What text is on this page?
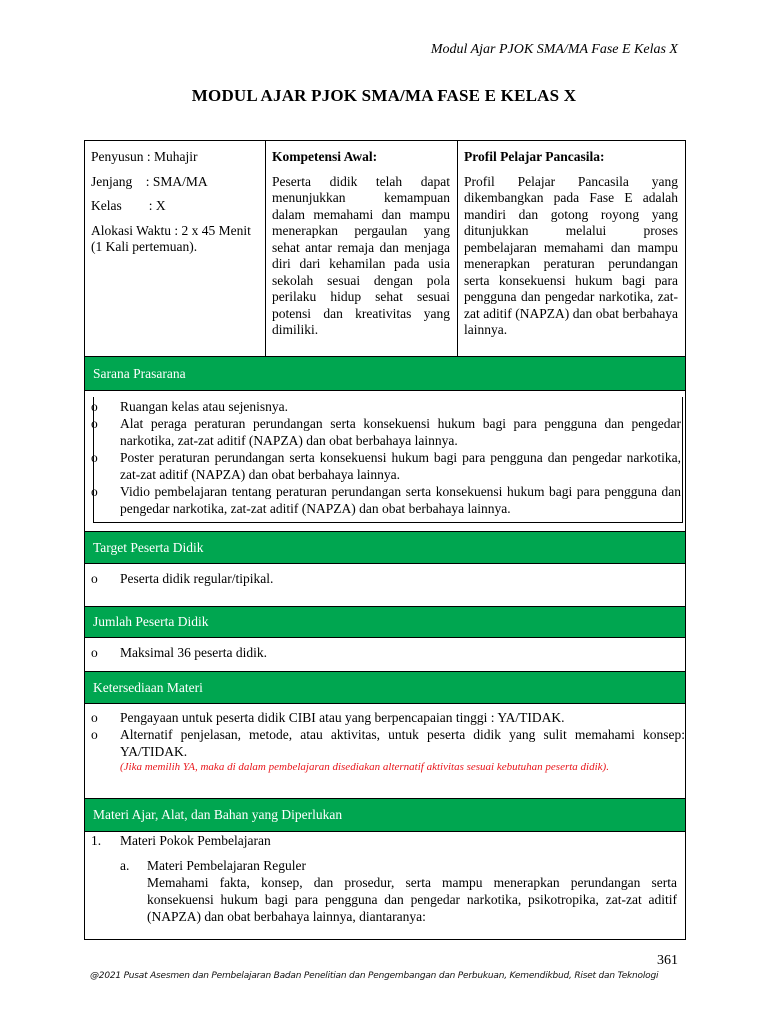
Modul Ajar PJOK SMA/MA Fase E Kelas X
MODUL AJAR PJOK SMA/MA FASE E KELAS X
Penyusun : Muhajir
Jenjang    : SMA/MA
Kelas        : X
Alokasi Waktu : 2 x 45 Menit (1 Kali pertemuan).
Kompetensi Awal:
Peserta didik telah dapat menunjukkan kemampuan dalam memahami dan mampu menerapkan pergaulan yang sehat antar remaja dan menjaga diri dari kehamilan pada usia sekolah sesuai dengan pola perilaku hidup sehat sesuai potensi dan kreativitas yang dimiliki.
Profil Pelajar Pancasila:
Profil Pelajar Pancasila yang dikembangkan pada Fase E adalah mandiri dan gotong royong yang ditunjukkan melalui proses pembelajaran memahami dan mampu menerapkan peraturan perundangan serta konsekuensi hukum bagi para pengguna dan pengedar narkotika, zat-zat aditif (NAPZA) dan obat berbahaya lainnya.
Sarana Prasarana
o Ruangan kelas atau sejenisnya.
o Alat peraga peraturan perundangan serta konsekuensi hukum bagi para pengguna dan pengedar narkotika, zat-zat aditif (NAPZA) dan obat berbahaya lainnya.
o Poster peraturan perundangan serta konsekuensi hukum bagi para pengguna dan pengedar narkotika, zat-zat aditif (NAPZA) dan obat berbahaya lainnya.
o Vidio pembelajaran tentang peraturan perundangan serta konsekuensi hukum bagi para pengguna dan pengedar narkotika, zat-zat aditif (NAPZA) dan obat berbahaya lainnya.
Target Peserta Didik
o Peserta didik regular/tipikal.
Jumlah Peserta Didik
o Maksimal 36 peserta didik.
Ketersediaan Materi
o Pengayaan untuk peserta didik CIBI atau yang berpencapaian tinggi : YA/TIDAK.
o Alternatif penjelasan, metode, atau aktivitas, untuk peserta didik yang sulit memahami konsep: YA/TIDAK.
(Jika memilih YA, maka di dalam pembelajaran disediakan alternatif aktivitas sesuai kebutuhan peserta didik).
Materi Ajar, Alat, dan Bahan yang Diperlukan
1. Materi Pokok Pembelajaran
a. Materi Pembelajaran Reguler
Memahami fakta, konsep, dan prosedur, serta mampu menerapkan perundangan serta konsekuensi hukum bagi para pengguna dan pengedar narkotika, psikotropika, zat-zat aditif (NAPZA) dan obat berbahaya lainnya, diantaranya:
361
@2021 Pusat Asesmen dan Pembelajaran Badan Penelitian dan Pengembangan dan Perbukuan, Kemendikbud, Riset dan Teknologi
